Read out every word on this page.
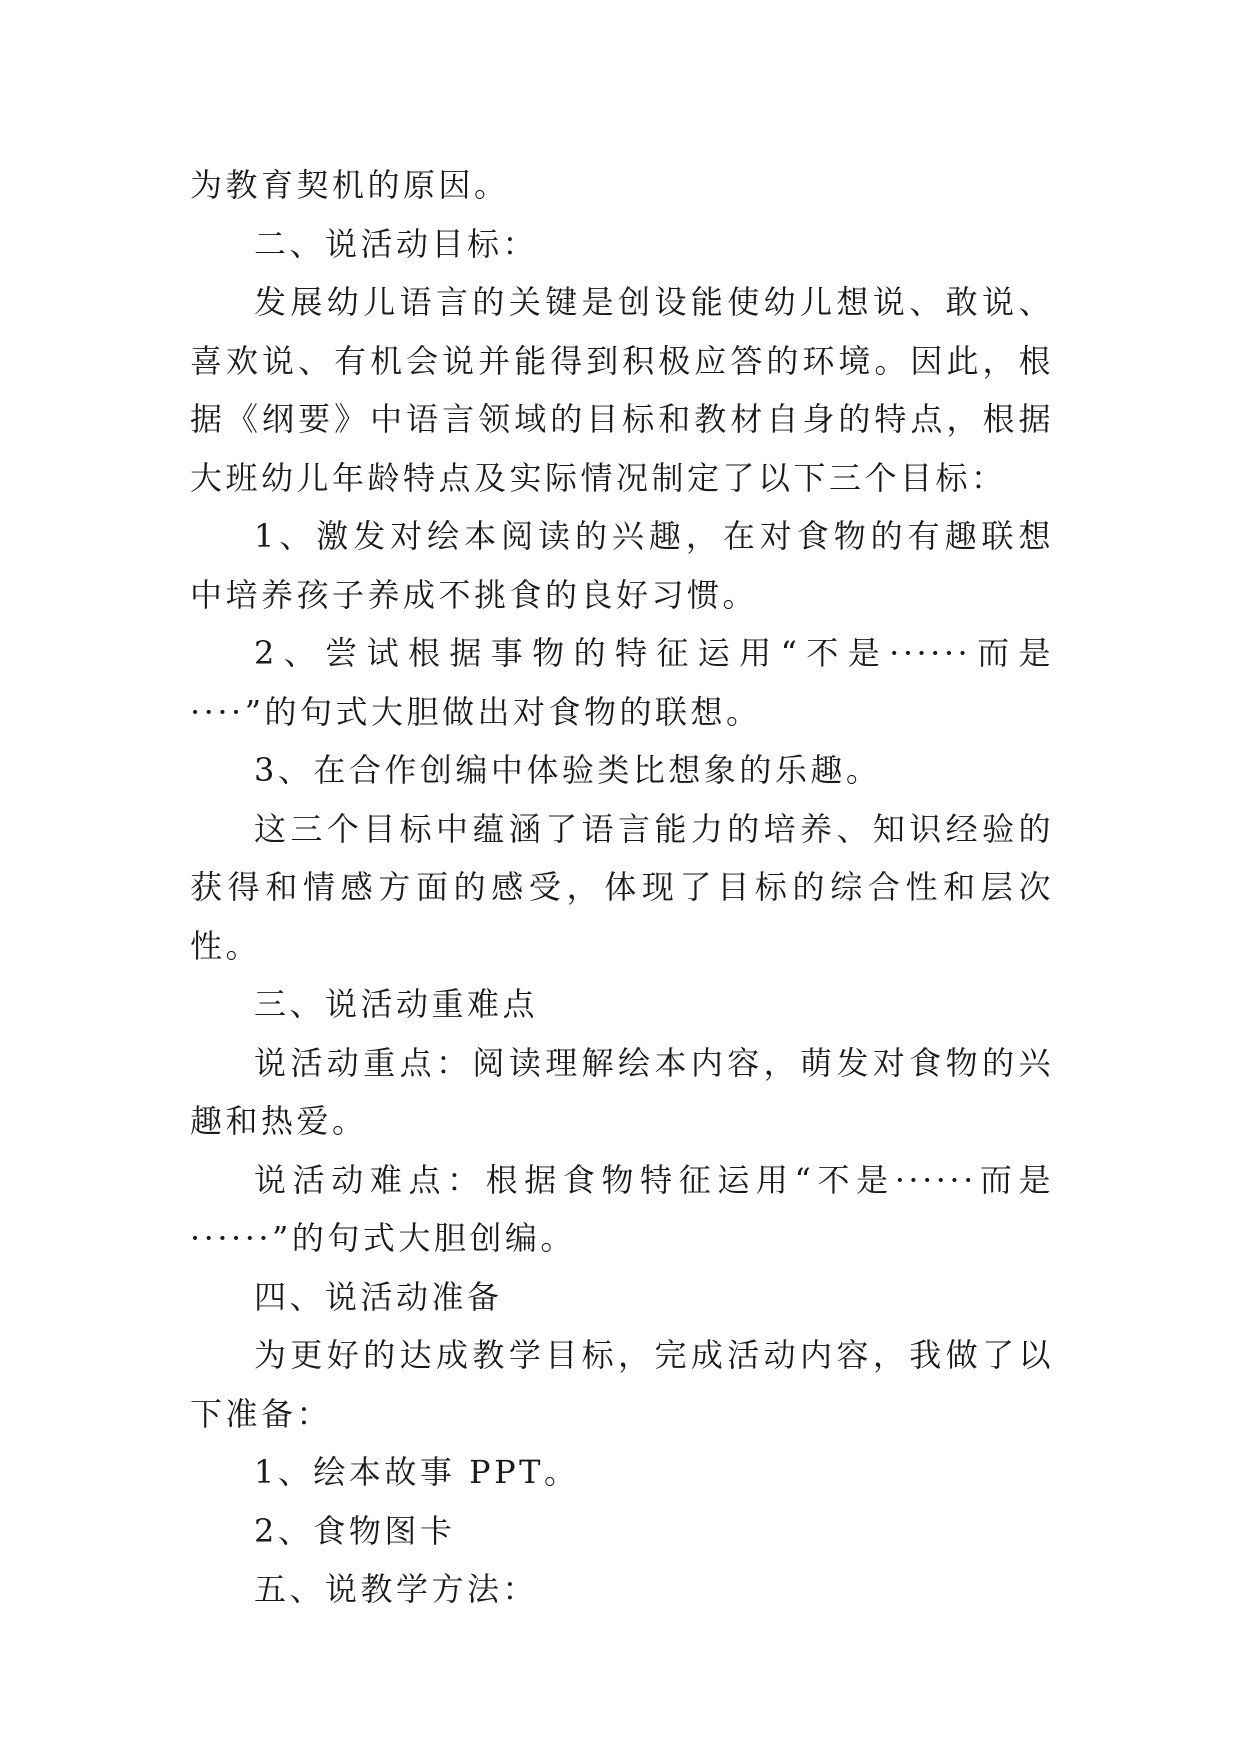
为教育契机的原因。

二、说活动目标：

发展幼儿语言的关键是创设能使幼儿想说、敢说、喜欢说、有机会说并能得到积极应答的环境。因此，根据《纲要》中语言领域的目标和教材自身的特点，根据大班幼儿年龄特点及实际情况制定了以下三个目标：

1、激发对绘本阅读的兴趣，在对食物的有趣联想中培养孩子养成不挑食的良好习惯。

2、尝试根据事物的特征运用“不是······而是····”的句式大胆做出对食物的联想。

3、在合作创编中体验类比想象的乐趣。

这三个目标中蕴涵了语言能力的培养、知识经验的获得和情感方面的感受，体现了目标的综合性和层次性。

三、说活动重难点

说活动重点：阅读理解绘本内容，萌发对食物的兴趣和热爱。

说活动难点：根据食物特征运用“不是······而是······”的句式大胆创编。

四、说活动准备

为更好的达成教学目标，完成活动内容，我做了以下准备：

1、绘本故事 PPT。

2、食物图卡

五、说教学方法：
